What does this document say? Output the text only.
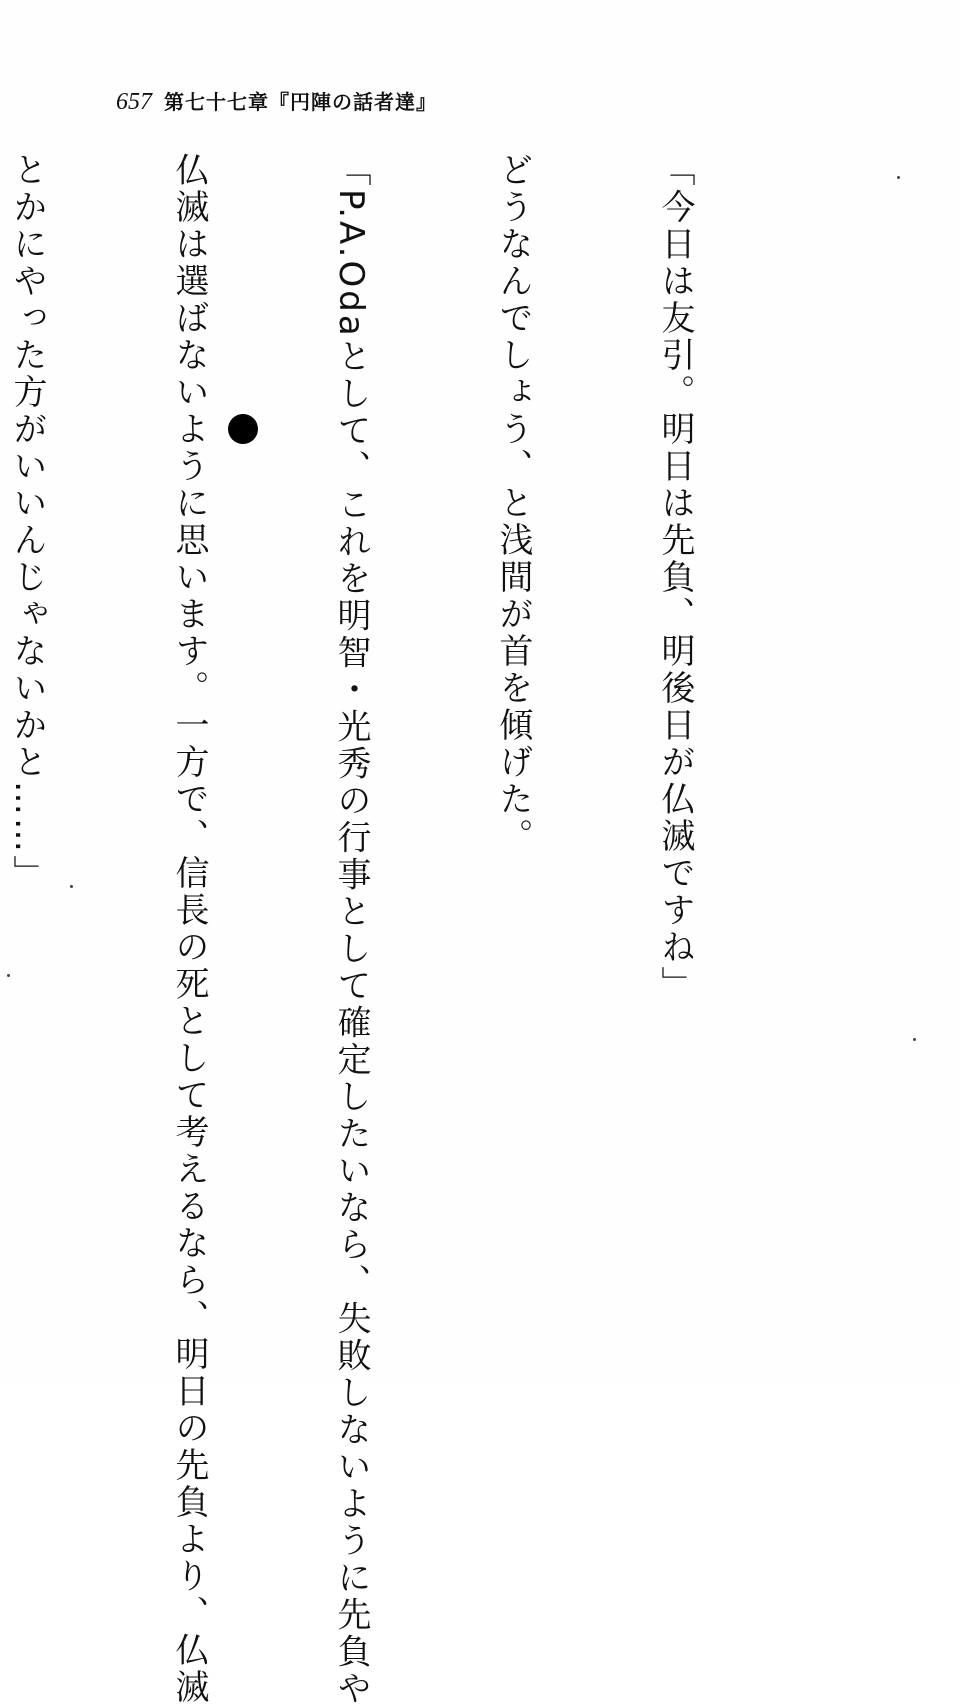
657 第七十七章『円陣の話者達』

「今日は友引。明日は先負、明後日が仏滅ですね」

どうなんでしょう、と浅間が首を傾げた。

「P.A.Odaとして、これを明智・光秀の行事として確定したいなら、失敗しないように先負や

仏滅は選ばないように思います。一方で、信長の死として考えるなら、明日の先負より、仏滅

とかにやった方がいいんじゃないかと……」
